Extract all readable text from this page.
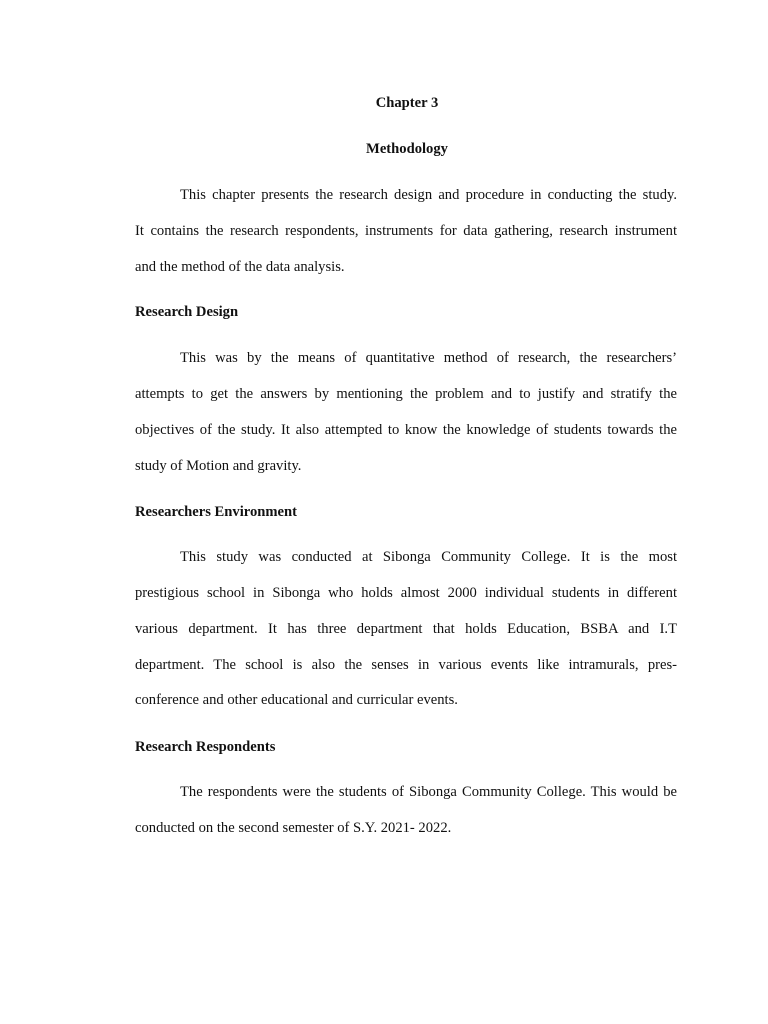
Chapter 3
Methodology
This chapter presents the research design and procedure in conducting the study.
It contains the research respondents, instruments for data gathering, research instrument
and the method of the data analysis.
Research Design
This was by the means of quantitative method of research, the researchers’
attempts to get the answers by mentioning the problem and to justify and stratify the
objectives of the study. It also attempted to know the knowledge of students towards the
study of Motion and gravity.
Researchers Environment
This study was conducted at Sibonga Community College. It is the most
prestigious school in Sibonga who holds almost 2000 individual students in different
various department. It has three department that holds Education, BSBA and I.T
department. The school is also the senses in various events like intramurals, pres-
conference and other educational and curricular events.
Research Respondents
The respondents were the students of Sibonga Community College. This would be
conducted on the second semester of S.Y. 2021- 2022.
